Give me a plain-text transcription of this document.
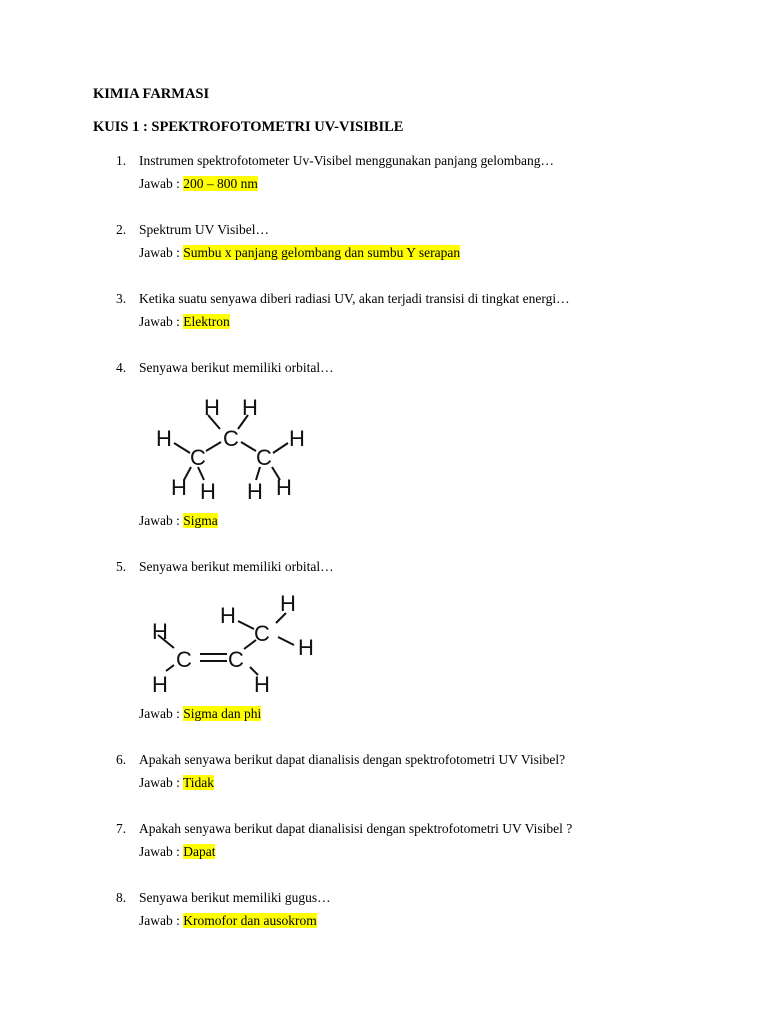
KIMIA FARMASI
KUIS 1 : SPEKTROFOTOMETRI UV-VISIBILE
1. Instrumen spektrofotometer Uv-Visibel menggunakan panjang gelombang…
Jawab : 200 – 800 nm
2. Spektrum UV Visibel…
Jawab : Sumbu x panjang gelombang dan sumbu Y serapan
3. Ketika suatu senyawa diberi radiasi UV, akan terjadi transisi di tingkat energi…
Jawab : Elektron
4. Senyawa berikut memiliki orbital…
H H
H C H
C C
H H H H
Jawab : Sigma
5. Senyawa berikut memiliki orbital…
H H
H	C
H
C C
H	H
Jawab : Sigma dan phi
6. Apakah senyawa berikut dapat dianalisis dengan spektrofotometri UV Visibel?
Jawab : Tidak
7. Apakah senyawa berikut dapat dianalisisi dengan spektrofotometri UV Visibel ?
Jawab : Dapat
8. Senyawa berikut memiliki gugus…
Jawab : Kromofor dan ausokrom
